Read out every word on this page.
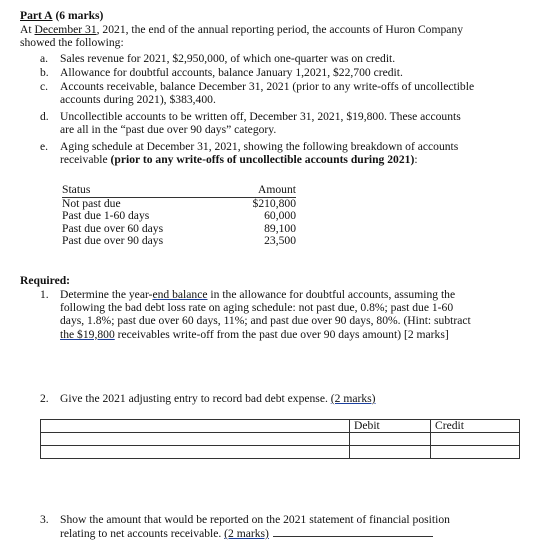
Part A (6 marks)
At December 31, 2021, the end of the annual reporting period, the accounts of Huron Company
showed the following:
a.	Sales revenue for 2021, $2,950,000, of which one-quarter was on credit.
b. Allowance for doubtful accounts, balance January 1,2021, $22,700 credit.
c.	Accounts receivable, balance December 31, 2021 (prior to any write-offs of uncollectible
accounts during 2021), $383,400.
d. Uncollectible accounts to be written off, December 31, 2021, $19,800. These accounts
are all in the “past due over 90 days” category.
e.	Aging schedule at December 31, 2021, showing the following breakdown of accounts
receivable (prior to any write-offs of uncollectible accounts during 2021):
Status	Amount
Not past due	$210,800
Past due 1-60 days	60,000
Past due over 60 days	89,100
Past due over 90 days	23,500
Required:
1. Determine the year-end balance in the allowance for doubtful accounts, assuming the
following the bad debt loss rate on aging schedule: not past due, 0.8%; past due 1-60
days, 1.8%; past due over 60 days, 11%; and past due over 90 days, 80%. (Hint: subtract
the $19,800 receivables write-off from the past due over 90 days amount) [2 marks]
2. Give the 2021 adjusting entry to record bad debt expense. (2 marks)
	Debit	Credit

3. Show the amount that would be reported on the 2021 statement of financial position
relating to net accounts receivable. (2 marks)
